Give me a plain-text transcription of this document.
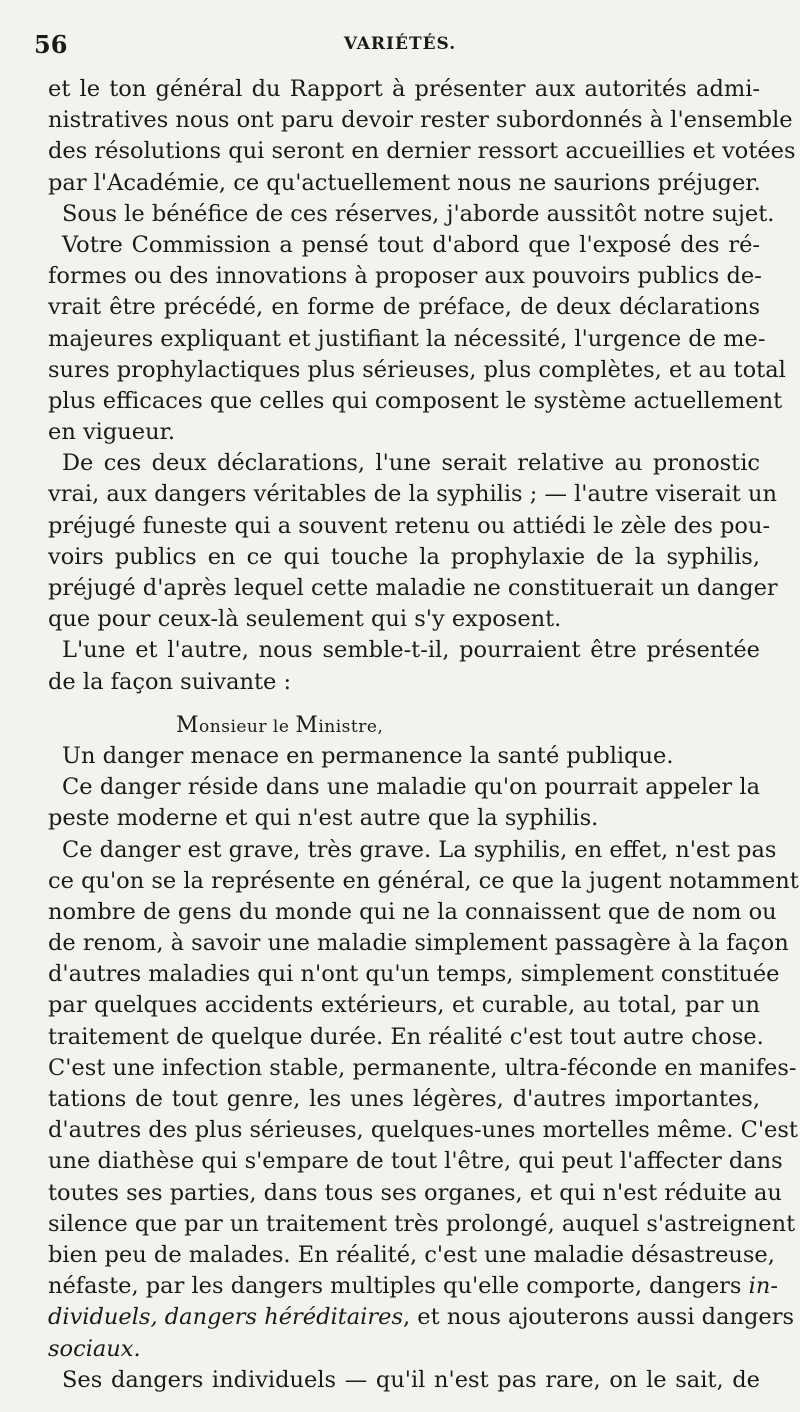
56	VARIÉTÉS.
et le ton général du Rapport à présenter aux autorités admi-
nistratives nous ont paru devoir rester subordonnés à l'ensemble
des résolutions qui seront en dernier ressort accueillies et votées
par l'Académie, ce qu'actuellement nous ne saurions préjuger.
Sous le bénéfice de ces réserves, j'aborde aussitôt notre sujet.
Votre Commission a pensé tout d'abord que l'exposé des ré-
formes ou des innovations à proposer aux pouvoirs publics de-
vrait être précédé, en forme de préface, de deux déclarations
majeures expliquant et justifiant la nécessité, l'urgence de me-
sures prophylactiques plus sérieuses, plus complètes, et au total
plus efficaces que celles qui composent le système actuellement
en vigueur.
De ces deux déclarations, l'une serait relative au pronostic
vrai, aux dangers véritables de la syphilis ; — l'autre viserait un
préjugé funeste qui a souvent retenu ou attiédi le zèle des pou-
voirs publics en ce qui touche la prophylaxie de la syphilis,
préjugé d'après lequel cette maladie ne constituerait un danger
que pour ceux-là seulement qui s'y exposent.
L'une et l'autre, nous semble-t-il, pourraient être présentée
de la façon suivante :
Monsieur le Ministre,
Un danger menace en permanence la santé publique.
Ce danger réside dans une maladie qu'on pourrait appeler la
peste moderne et qui n'est autre que la syphilis.
Ce danger est grave, très grave. La syphilis, en effet, n'est pas
ce qu'on se la représente en général, ce que la jugent notamment
nombre de gens du monde qui ne la connaissent que de nom ou
de renom, à savoir une maladie simplement passagère à la façon
d'autres maladies qui n'ont qu'un temps, simplement constituée
par quelques accidents extérieurs, et curable, au total, par un
traitement de quelque durée. En réalité c'est tout autre chose.
C'est une infection stable, permanente, ultra-féconde en manifes-
tations de tout genre, les unes légères, d'autres importantes,
d'autres des plus sérieuses, quelques-unes mortelles même. C'est
une diathèse qui s'empare de tout l'être, qui peut l'affecter dans
toutes ses parties, dans tous ses organes, et qui n'est réduite au
silence que par un traitement très prolongé, auquel s'astreignent
bien peu de malades. En réalité, c'est une maladie désastreuse,
néfaste, par les dangers multiples qu'elle comporte, dangers in-
dividuels, dangers héréditaires, et nous ajouterons aussi dangers
sociaux.
Ses dangers individuels — qu'il n'est pas rare, on le sait, de
